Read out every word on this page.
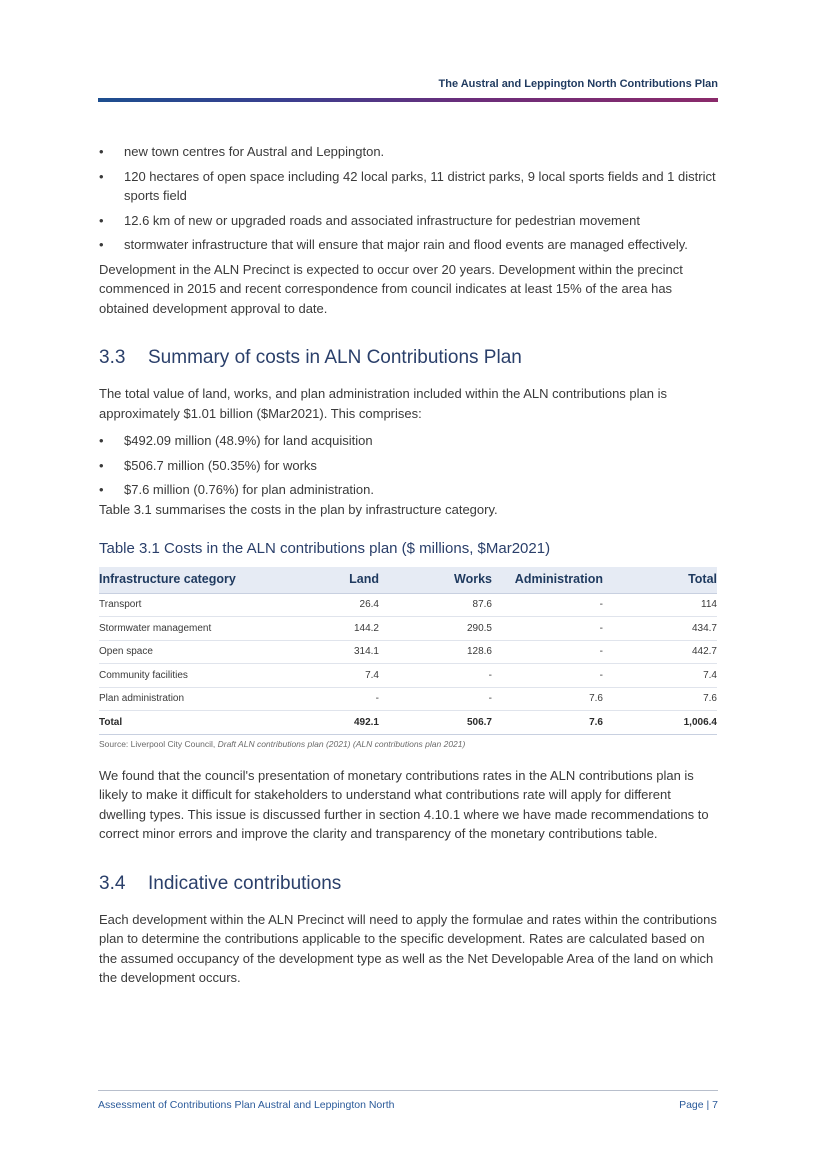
The Austral and Leppington North Contributions Plan
• new town centres for Austral and Leppington.
• 120 hectares of open space including 42 local parks, 11 district parks, 9 local sports fields and 1 district sports field
• 12.6 km of new or upgraded roads and associated infrastructure for pedestrian movement
• stormwater infrastructure that will ensure that major rain and flood events are managed effectively.

Development in the ALN Precinct is expected to occur over 20 years. Development within the precinct commenced in 2015 and recent correspondence from council indicates at least 15% of the area has obtained development approval to date.

3.3 Summary of costs in ALN Contributions Plan

The total value of land, works, and plan administration included within the ALN contributions plan is approximately $1.01 billion ($Mar2021). This comprises:

• $492.09 million (48.9%) for land acquisition
• $506.7 million (50.35%) for works
• $7.6 million (0.76%) for plan administration.

Table 3.1 summarises the costs in the plan by infrastructure category.

Table 3.1 Costs in the ALN contributions plan ($ millions, $Mar2021)
Infrastructure category	Land	Works	Administration	Total
Transport	26.4	87.6	-	114
Stormwater management	144.2	290.5	-	434.7
Open space	314.1	128.6	-	442.7
Community facilities	7.4	-	-	7.4
Plan administration	-	-	7.6	7.6
Total	492.1	506.7	7.6	1,006.4
Source: Liverpool City Council, Draft ALN contributions plan (2021) (ALN contributions plan 2021)

We found that the council's presentation of monetary contributions rates in the ALN contributions plan is likely to make it difficult for stakeholders to understand what contributions rate will apply for different dwelling types. This issue is discussed further in section 4.10.1 where we have made recommendations to correct minor errors and improve the clarity and transparency of the monetary contributions table.

3.4 Indicative contributions

Each development within the ALN Precinct will need to apply the formulae and rates within the contributions plan to determine the contributions applicable to the specific development. Rates are calculated based on the assumed occupancy of the development type as well as the Net Developable Area of the land on which the development occurs.

Assessment of Contributions Plan Austral and Leppington North	Page | 7
